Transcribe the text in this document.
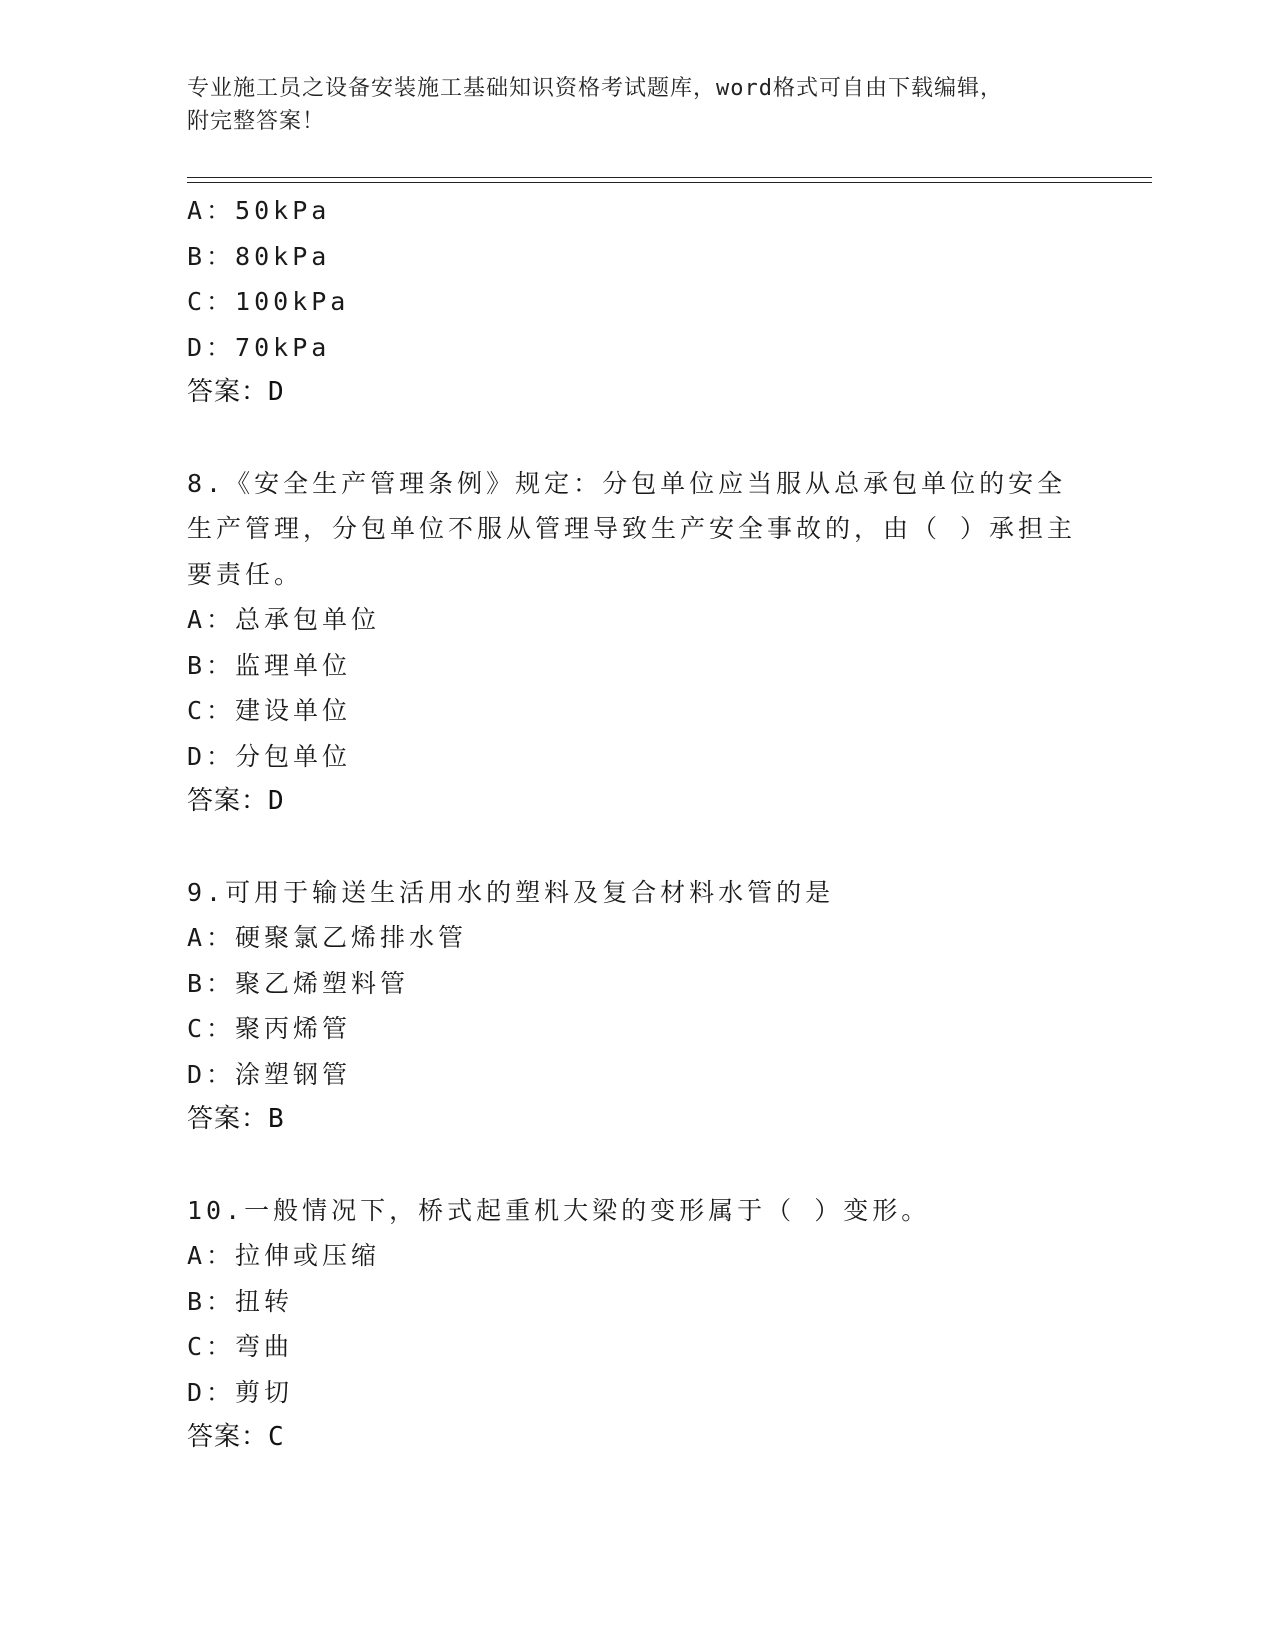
专业施工员之设备安装施工基础知识资格考试题库，word格式可自由下载编辑，
附完整答案！
A：50kPa
B：80kPa
C：100kPa
D：70kPa
答案：D
8.《安全生产管理条例》规定：分包单位应当服从总承包单位的安全
生产管理，分包单位不服从管理导致生产安全事故的，由（ ）承担主
要责任。
A：总承包单位
B：监理单位
C：建设单位
D：分包单位
答案：D
9.可用于输送生活用水的塑料及复合材料水管的是
A：硬聚氯乙烯排水管
B：聚乙烯塑料管
C：聚丙烯管
D：涂塑钢管
答案：B
10.一般情况下，桥式起重机大梁的变形属于（ ）变形。
A：拉伸或压缩
B：扭转
C：弯曲
D：剪切
答案：C
